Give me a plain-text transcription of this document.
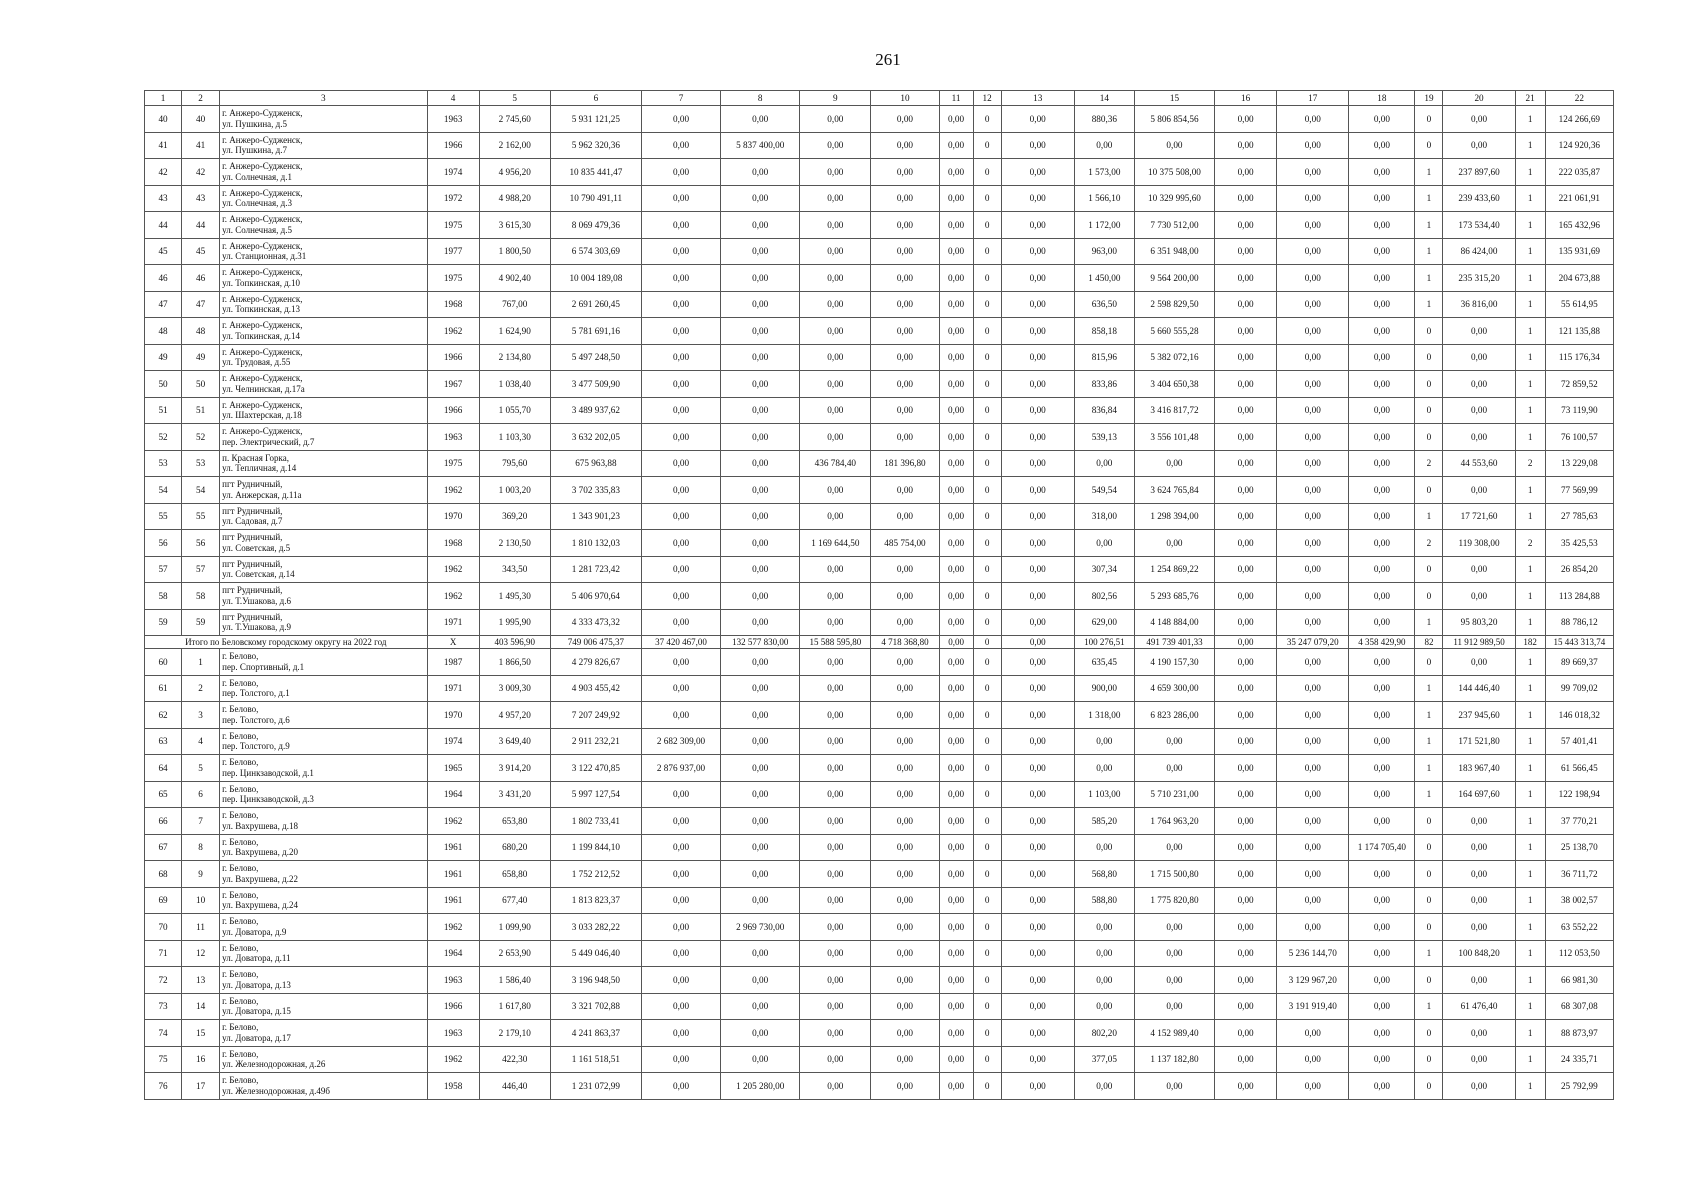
261
1	2	3	4	5	6	7	8	9	10	11	12	13	14	15	16	17	18	19	20	21	22
40	40	г. Анжеро-Судженск,
ул. Пушкина, д.5	1963	2 745,60	5 931 121,25	0,00	0,00	0,00	0,00	0,00	0	0,00	880,36	5 806 854,56	0,00	0,00	0,00	0	0,00	1	124 266,69
41	41	г. Анжеро-Судженск,
ул. Пушкина, д.7	1966	2 162,00	5 962 320,36	0,00	5 837 400,00	0,00	0,00	0,00	0	0,00	0,00	0,00	0,00	0,00	0,00	0	0,00	1	124 920,36
42	42	г. Анжеро-Судженск,
ул. Солнечная, д.1	1974	4 956,20	10 835 441,47	0,00	0,00	0,00	0,00	0,00	0	0,00	1 573,00	10 375 508,00	0,00	0,00	0,00	1	237 897,60	1	222 035,87
43	43	г. Анжеро-Судженск,
ул. Солнечная, д.3	1972	4 988,20	10 790 491,11	0,00	0,00	0,00	0,00	0,00	0	0,00	1 566,10	10 329 995,60	0,00	0,00	0,00	1	239 433,60	1	221 061,91
44	44	г. Анжеро-Судженск,
ул. Солнечная, д.5	1975	3 615,30	8 069 479,36	0,00	0,00	0,00	0,00	0,00	0	0,00	1 172,00	7 730 512,00	0,00	0,00	0,00	1	173 534,40	1	165 432,96
45	45	г. Анжеро-Судженск,
ул. Станционная, д.31	1977	1 800,50	6 574 303,69	0,00	0,00	0,00	0,00	0,00	0	0,00	963,00	6 351 948,00	0,00	0,00	0,00	1	86 424,00	1	135 931,69
46	46	г. Анжеро-Судженск,
ул. Топкинская, д.10	1975	4 902,40	10 004 189,08	0,00	0,00	0,00	0,00	0,00	0	0,00	1 450,00	9 564 200,00	0,00	0,00	0,00	1	235 315,20	1	204 673,88
47	47	г. Анжеро-Судженск,
ул. Топкинская, д.13	1968	767,00	2 691 260,45	0,00	0,00	0,00	0,00	0,00	0	0,00	636,50	2 598 829,50	0,00	0,00	0,00	1	36 816,00	1	55 614,95
48	48	г. Анжеро-Судженск,
ул. Топкинская, д.14	1962	1 624,90	5 781 691,16	0,00	0,00	0,00	0,00	0,00	0	0,00	858,18	5 660 555,28	0,00	0,00	0,00	0	0,00	1	121 135,88
49	49	г. Анжеро-Судженск,
ул. Трудовая, д.55	1966	2 134,80	5 497 248,50	0,00	0,00	0,00	0,00	0,00	0	0,00	815,96	5 382 072,16	0,00	0,00	0,00	0	0,00	1	115 176,34
50	50	г. Анжеро-Судженск,
ул. Челнинская, д.17а	1967	1 038,40	3 477 509,90	0,00	0,00	0,00	0,00	0,00	0	0,00	833,86	3 404 650,38	0,00	0,00	0,00	0	0,00	1	72 859,52
51	51	г. Анжеро-Судженск,
ул. Шахтерская, д.18	1966	1 055,70	3 489 937,62	0,00	0,00	0,00	0,00	0,00	0	0,00	836,84	3 416 817,72	0,00	0,00	0,00	0	0,00	1	73 119,90
52	52	г. Анжеро-Судженск,
пер. Электрический, д.7	1963	1 103,30	3 632 202,05	0,00	0,00	0,00	0,00	0,00	0	0,00	539,13	3 556 101,48	0,00	0,00	0,00	0	0,00	1	76 100,57
53	53	п. Красная Горка,
ул. Тепличная, д.14	1975	795,60	675 963,88	0,00	0,00	436 784,40	181 396,80	0,00	0	0,00	0,00	0,00	0,00	0,00	0,00	2	44 553,60	2	13 229,08
54	54	пгт Рудничный,
ул. Анжерская, д.11а	1962	1 003,20	3 702 335,83	0,00	0,00	0,00	0,00	0,00	0	0,00	549,54	3 624 765,84	0,00	0,00	0,00	0	0,00	1	77 569,99
55	55	пгт Рудничный,
ул. Садовая, д.7	1970	369,20	1 343 901,23	0,00	0,00	0,00	0,00	0,00	0	0,00	318,00	1 298 394,00	0,00	0,00	0,00	1	17 721,60	1	27 785,63
56	56	пгт Рудничный,
ул. Советская, д.5	1968	2 130,50	1 810 132,03	0,00	0,00	1 169 644,50	485 754,00	0,00	0	0,00	0,00	0,00	0,00	0,00	0,00	2	119 308,00	2	35 425,53
57	57	пгт Рудничный,
ул. Советская, д.14	1962	343,50	1 281 723,42	0,00	0,00	0,00	0,00	0,00	0	0,00	307,34	1 254 869,22	0,00	0,00	0,00	0	0,00	1	26 854,20
58	58	пгт Рудничный,
ул. Т.Ушакова, д.6	1962	1 495,30	5 406 970,64	0,00	0,00	0,00	0,00	0,00	0	0,00	802,56	5 293 685,76	0,00	0,00	0,00	0	0,00	1	113 284,88
59	59	пгт Рудничный,
ул. Т.Ушакова, д.9	1971	1 995,90	4 333 473,32	0,00	0,00	0,00	0,00	0,00	0	0,00	629,00	4 148 884,00	0,00	0,00	0,00	1	95 803,20	1	88 786,12
Итого по Беловскому городскому округу на 2022 год			X	403 596,90	749 006 475,37	37 420 467,00	132 577 830,00	15 588 595,80	4 718 368,80	0,00	0	0,00	100 276,51	491 739 401,33	0,00	35 247 079,20	4 358 429,90	82	11 912 989,50	182	15 443 313,74
60	1	г. Белово,
пер. Спортивный, д.1	1987	1 866,50	4 279 826,67	0,00	0,00	0,00	0,00	0,00	0	0,00	635,45	4 190 157,30	0,00	0,00	0,00	0	0,00	1	89 669,37
61	2	г. Белово,
пер. Толстого, д.1	1971	3 009,30	4 903 455,42	0,00	0,00	0,00	0,00	0,00	0	0,00	900,00	4 659 300,00	0,00	0,00	0,00	1	144 446,40	1	99 709,02
62	3	г. Белово,
пер. Толстого, д.6	1970	4 957,20	7 207 249,92	0,00	0,00	0,00	0,00	0,00	0	0,00	1 318,00	6 823 286,00	0,00	0,00	0,00	1	237 945,60	1	146 018,32
63	4	г. Белово,
пер. Толстого, д.9	1974	3 649,40	2 911 232,21	2 682 309,00	0,00	0,00	0,00	0,00	0	0,00	0,00	0,00	0,00	0,00	0,00	1	171 521,80	1	57 401,41
64	5	г. Белово,
пер. Цинкзаводской, д.1	1965	3 914,20	3 122 470,85	2 876 937,00	0,00	0,00	0,00	0,00	0	0,00	0,00	0,00	0,00	0,00	0,00	1	183 967,40	1	61 566,45
65	6	г. Белово,
пер. Цинкзаводской, д.3	1964	3 431,20	5 997 127,54	0,00	0,00	0,00	0,00	0,00	0	0,00	1 103,00	5 710 231,00	0,00	0,00	0,00	1	164 697,60	1	122 198,94
66	7	г. Белово,
ул. Вахрушева, д.18	1962	653,80	1 802 733,41	0,00	0,00	0,00	0,00	0,00	0	0,00	585,20	1 764 963,20	0,00	0,00	0,00	0	0,00	1	37 770,21
67	8	г. Белово,
ул. Вахрушева, д.20	1961	680,20	1 199 844,10	0,00	0,00	0,00	0,00	0,00	0	0,00	0,00	0,00	0,00	0,00	1 174 705,40	0	0,00	1	25 138,70
68	9	г. Белово,
ул. Вахрушева, д.22	1961	658,80	1 752 212,52	0,00	0,00	0,00	0,00	0,00	0	0,00	568,80	1 715 500,80	0,00	0,00	0,00	0	0,00	1	36 711,72
69	10	г. Белово,
ул. Вахрушева, д.24	1961	677,40	1 813 823,37	0,00	0,00	0,00	0,00	0,00	0	0,00	588,80	1 775 820,80	0,00	0,00	0,00	0	0,00	1	38 002,57
70	11	г. Белово,
ул. Доватора, д.9	1962	1 099,90	3 033 282,22	0,00	2 969 730,00	0,00	0,00	0,00	0	0,00	0,00	0,00	0,00	0,00	0,00	0	0,00	1	63 552,22
71	12	г. Белово,
ул. Доватора, д.11	1964	2 653,90	5 449 046,40	0,00	0,00	0,00	0,00	0,00	0	0,00	0,00	0,00	0,00	5 236 144,70	0,00	1	100 848,20	1	112 053,50
72	13	г. Белово,
ул. Доватора, д.13	1963	1 586,40	3 196 948,50	0,00	0,00	0,00	0,00	0,00	0	0,00	0,00	0,00	0,00	3 129 967,20	0,00	0	0,00	1	66 981,30
73	14	г. Белово,
ул. Доватора, д.15	1966	1 617,80	3 321 702,88	0,00	0,00	0,00	0,00	0,00	0	0,00	0,00	0,00	0,00	3 191 919,40	0,00	1	61 476,40	1	68 307,08
74	15	г. Белово,
ул. Доватора, д.17	1963	2 179,10	4 241 863,37	0,00	0,00	0,00	0,00	0,00	0	0,00	802,20	4 152 989,40	0,00	0,00	0,00	0	0,00	1	88 873,97
75	16	г. Белово,
ул. Железнодорожная, д.26	1962	422,30	1 161 518,51	0,00	0,00	0,00	0,00	0,00	0	0,00	377,05	1 137 182,80	0,00	0,00	0,00	0	0,00	1	24 335,71
76	17	г. Белово,
ул. Железнодорожная, д.49б	1958	446,40	1 231 072,99	0,00	1 205 280,00	0,00	0,00	0,00	0	0,00	0,00	0,00	0,00	0,00	0,00	0	0,00	1	25 792,99
